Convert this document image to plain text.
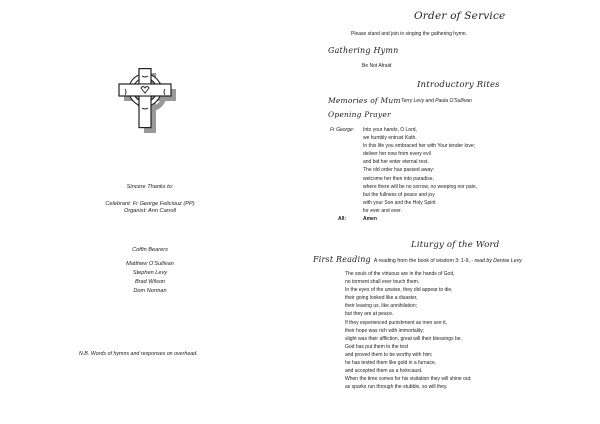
Sincere Thanks to:
Celebrant: Fr George Feliciouz (PP)
Organist: Ann Carroll
Coffin Bearers
Matthew O'Sullivan
Stephen Levy
Brad Wilson
Dom Norman
N.B. Words of hymns and responses on overhead.
Order of Service
Please stand and join in singing the gathering hymn.
Gathering Hymn
Be Not Afraid
Introductory Rites
Memories of Mum Terry Levy and Paula O'Sullivan
Opening Prayer
Fr George:	Into your hands, O Lord,
we humbly entrust Kath.
In this life you embraced her with Your tender love;
deliver her now from every evil
and bid her enter eternal rest.
The old order has passed away:
welcome her then into paradise,
where there will be no sorrow, no weeping nor pain,
but the fullness of peace and joy
with your Son and the Holy Spirit
for ever and ever.
All:	Amen
Liturgy of the Word
First Reading A reading from the book of wisdom 3: 1-9, -
read by Denise Levy
The souls of the virtuous are in the hands of God,
no torment shall ever touch them.
In the eyes of the unwise, they did appear to die,
their going looked like a disaster,
their leaving us, like annihilation;
but they are at peace.
If they experienced punishment as men see it,
their hope was rich with immortality;
slight was their affliction, great will their blessings be.
God has put them to the test
and proved them to be worthy with him;
he has tested them like gold in a furnace,
and accepted them as a holocaust.
When the time comes for his visitation they will shine out;
as sparks run through the stubble, so will they.
